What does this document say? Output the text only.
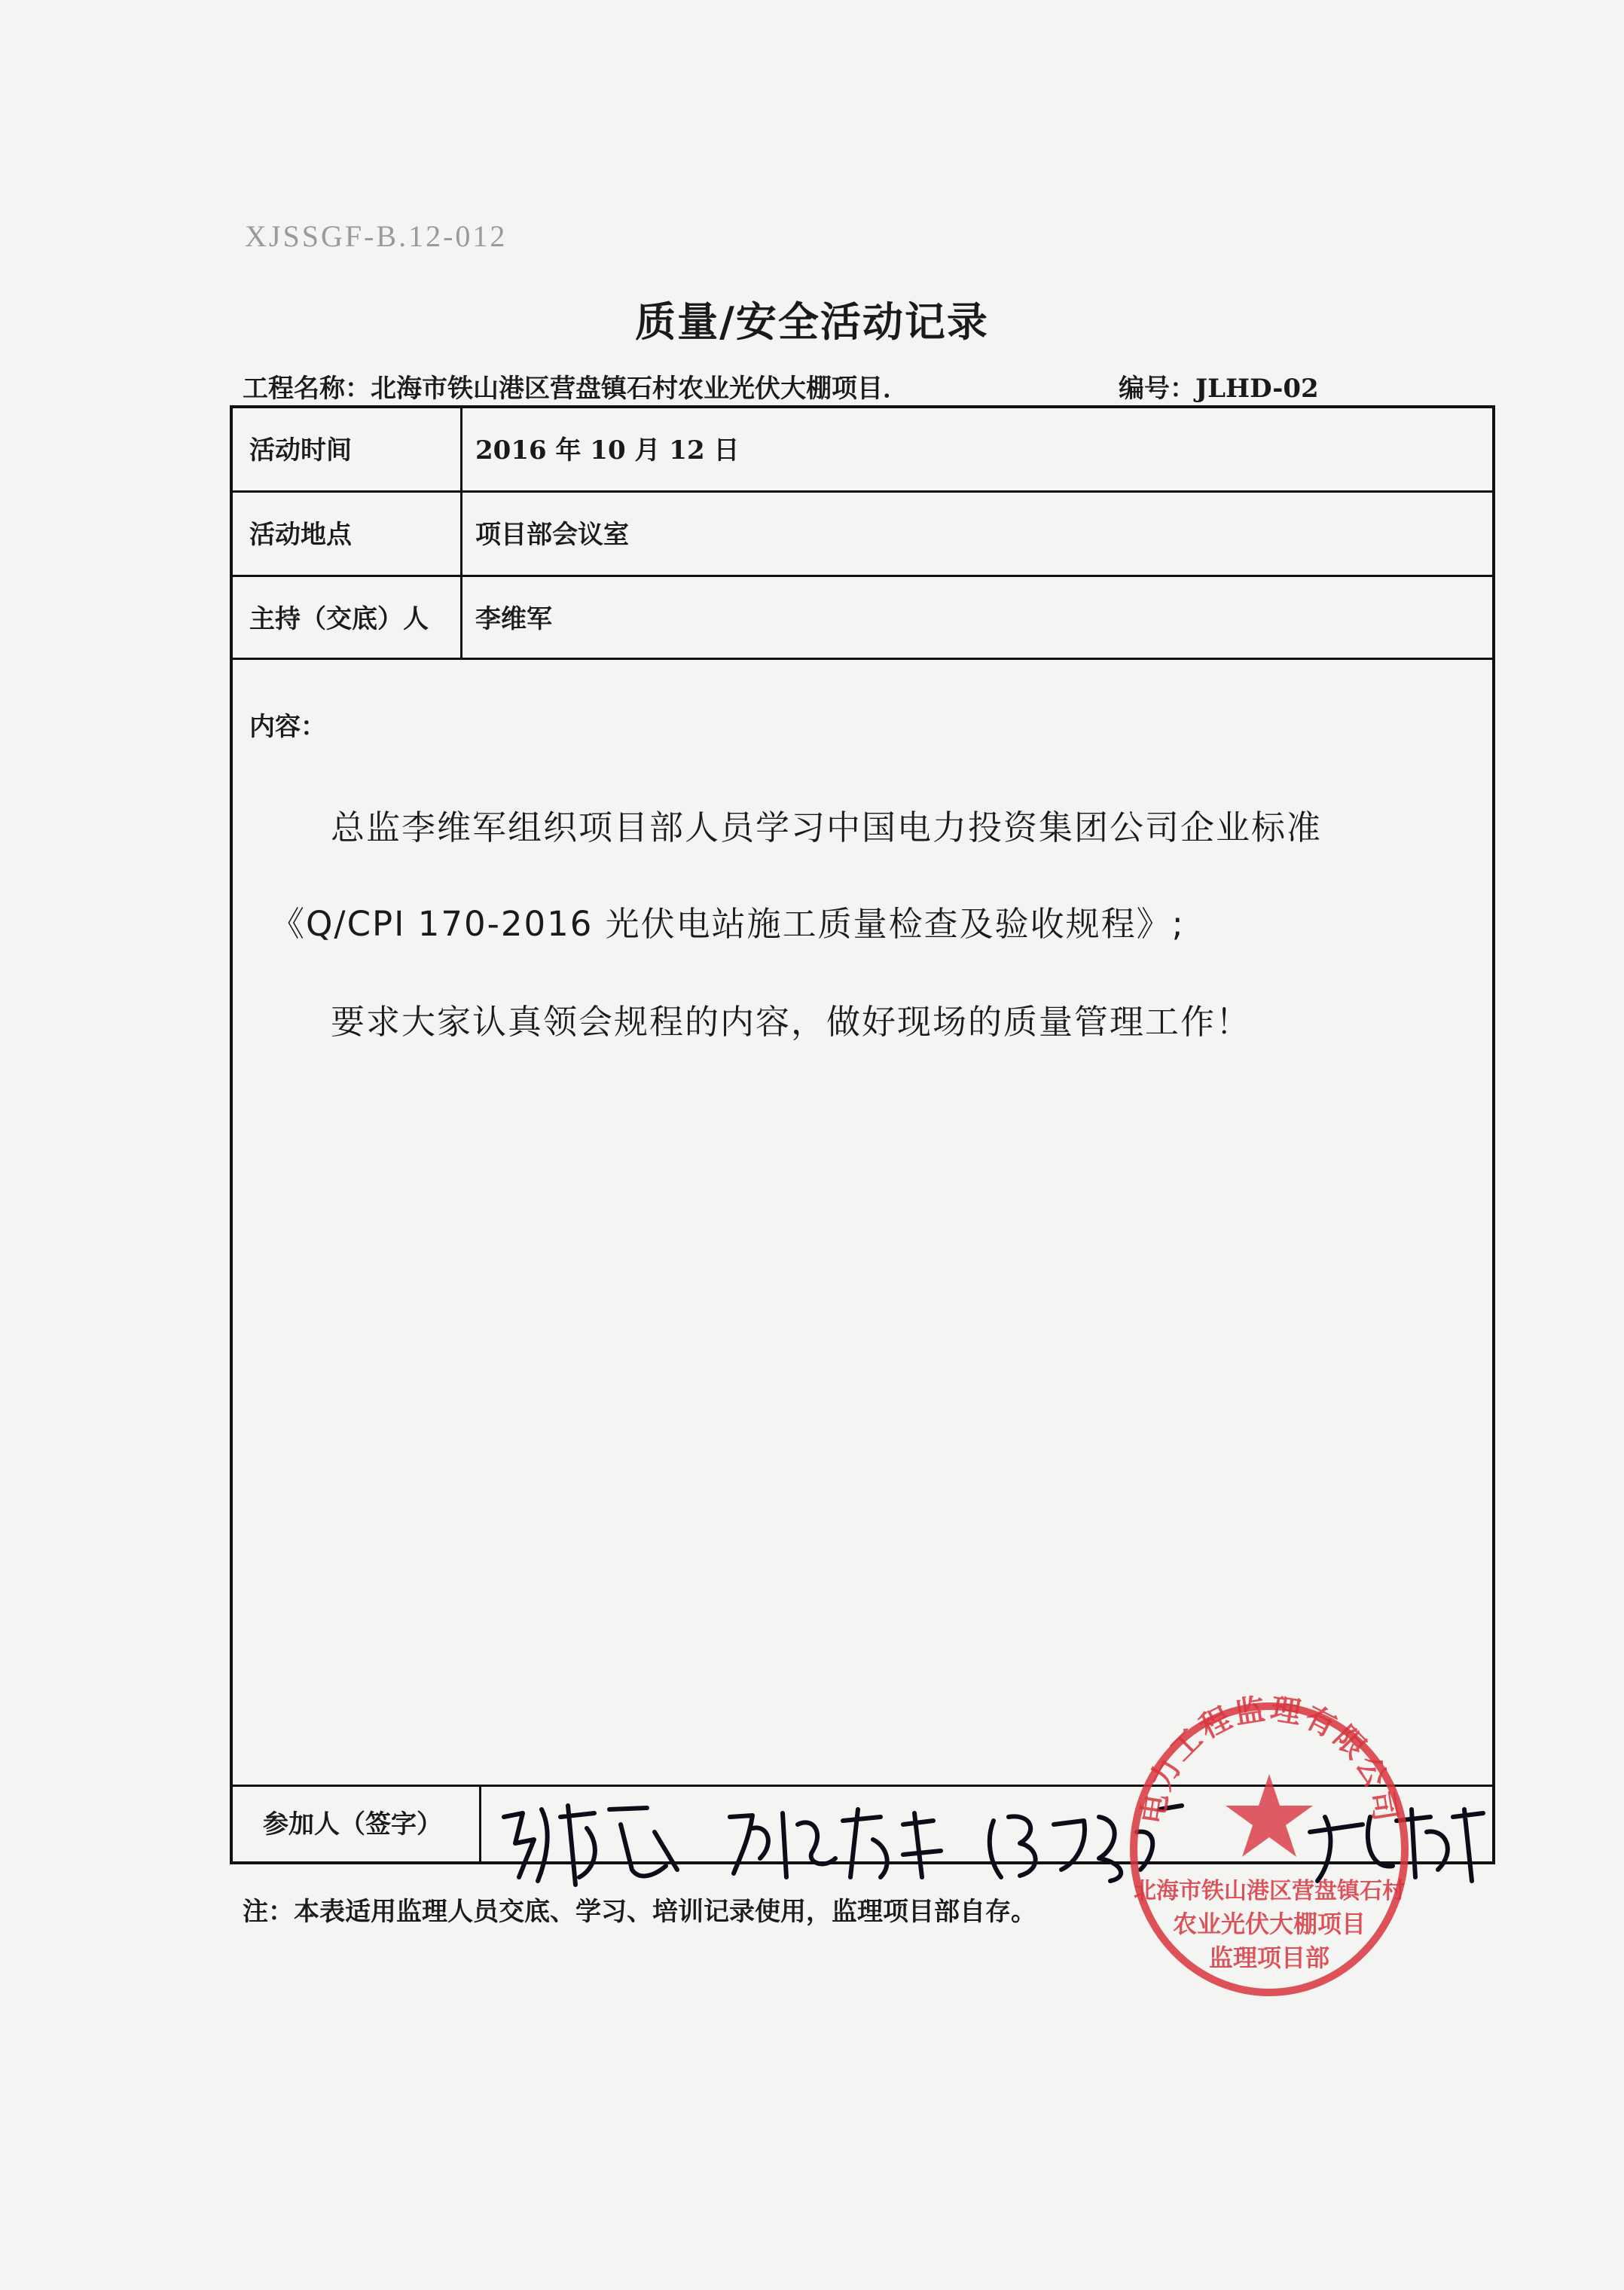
XJSSGF-B.12-012
质量/安全活动记录
工程名称：北海市铁山港区营盘镇石村农业光伏大棚项目．	编号：JLHD-02
活动时间	2016 年 10 月 12 日
活动地点	项目部会议室
主持（交底）人	李维军
内容：
总监李维军组织项目部人员学习中国电力投资集团公司企业标准
《Q/CPI 170-2016 光伏电站施工质量检查及验收规程》;
要求大家认真领会规程的内容，做好现场的质量管理工作！
参加人（签字）
注：本表适用监理人员交底、学习、培训记录使用，监理项目部自存。
电力工程监理有限公司
北海市铁山港区营盘镇石村
农业光伏大棚项目
监理项目部
